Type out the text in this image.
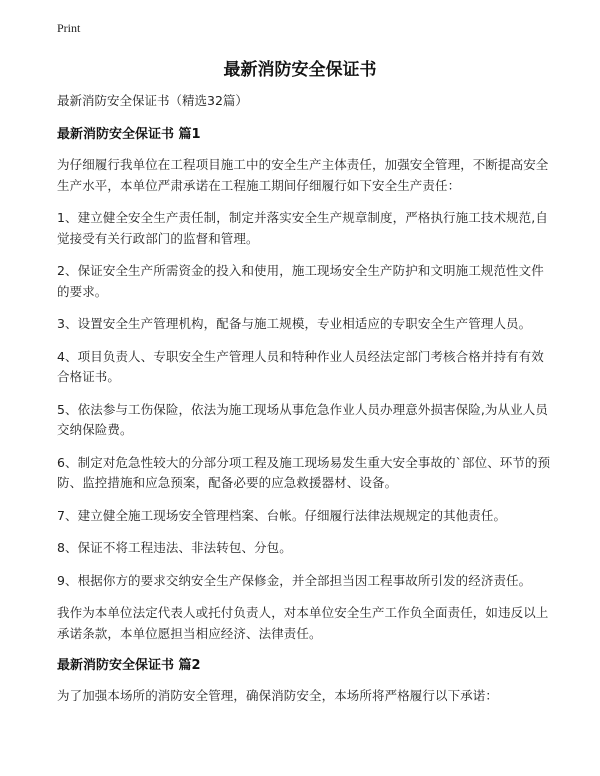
Print
最新消防安全保证书

最新消防安全保证书（精选32篇）

最新消防安全保证书 篇1

为仔细履行我单位在工程项目施工中的安全生产主体责任，加强安全管理，不断提高安全生产水平，本单位严肃承诺在工程施工期间仔细履行如下安全生产责任：

1、建立健全安全生产责任制，制定并落实安全生产规章制度，严格执行施工技术规范,自觉接受有关行政部门的监督和管理。

2、保证安全生产所需资金的投入和使用，施工现场安全生产防护和文明施工规范性文件的要求。

3、设置安全生产管理机构，配备与施工规模，专业相适应的专职安全生产管理人员。

4、项目负责人、专职安全生产管理人员和特种作业人员经法定部门考核合格并持有有效合格证书。

5、依法参与工伤保险，依法为施工现场从事危急作业人员办理意外损害保险,为从业人员交纳保险费。

6、制定对危急性较大的分部分项工程及施工现场易发生重大安全事故的`部位、环节的预防、监控措施和应急预案，配备必要的应急救援器材、设备。

7、建立健全施工现场安全管理档案、台帐。仔细履行法律法规规定的其他责任。

8、保证不将工程违法、非法转包、分包。

9、根据你方的要求交纳安全生产保修金，并全部担当因工程事故所引发的经济责任。

我作为本单位法定代表人或托付负责人，对本单位安全生产工作负全面责任，如违反以上承诺条款，本单位愿担当相应经济、法律责任。

最新消防安全保证书 篇2

为了加强本场所的消防安全管理，确保消防安全，本场所将严格履行以下承诺：
